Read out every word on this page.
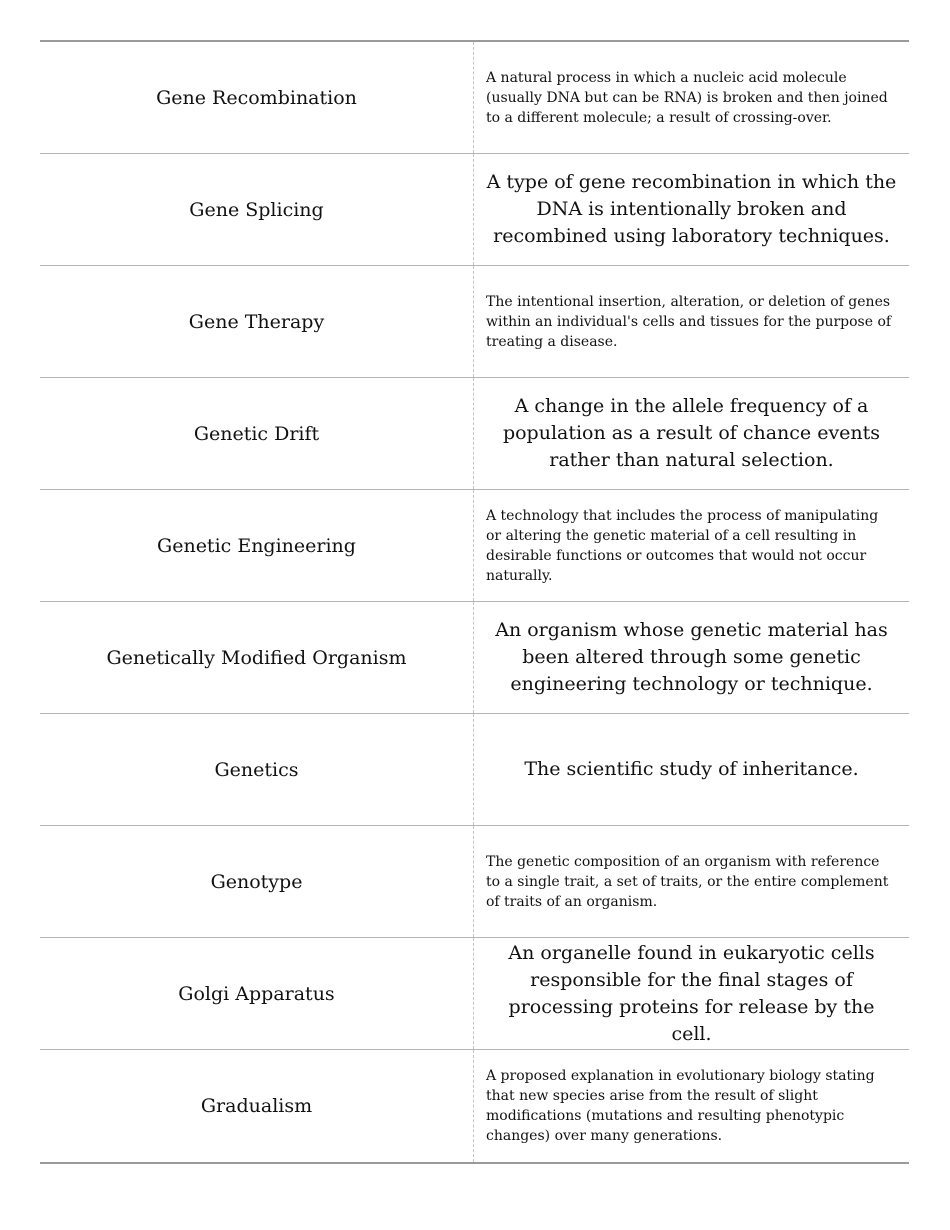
Gene Recombination
A natural process in which a nucleic acid molecule (usually DNA but can be RNA) is broken and then joined to a different molecule; a result of crossing-over.
Gene Splicing
A type of gene recombination in which the DNA is intentionally broken and recombined using laboratory techniques.
Gene Therapy
The intentional insertion, alteration, or deletion of genes within an individual's cells and tissues for the purpose of treating a disease.
Genetic Drift
A change in the allele frequency of a population as a result of chance events rather than natural selection.
Genetic Engineering
A technology that includes the process of manipulating or altering the genetic material of a cell resulting in desirable functions or outcomes that would not occur naturally.
Genetically Modified Organism
An organism whose genetic material has been altered through some genetic engineering technology or technique.
Genetics	The scientific study of inheritance.
Genotype
The genetic composition of an organism with reference to a single trait, a set of traits, or the entire complement of traits of an organism.
Golgi Apparatus
An organelle found in eukaryotic cells responsible for the final stages of processing proteins for release by the cell.
Gradualism
A proposed explanation in evolutionary biology stating that new species arise from the result of slight modifications (mutations and resulting phenotypic changes) over many generations.
